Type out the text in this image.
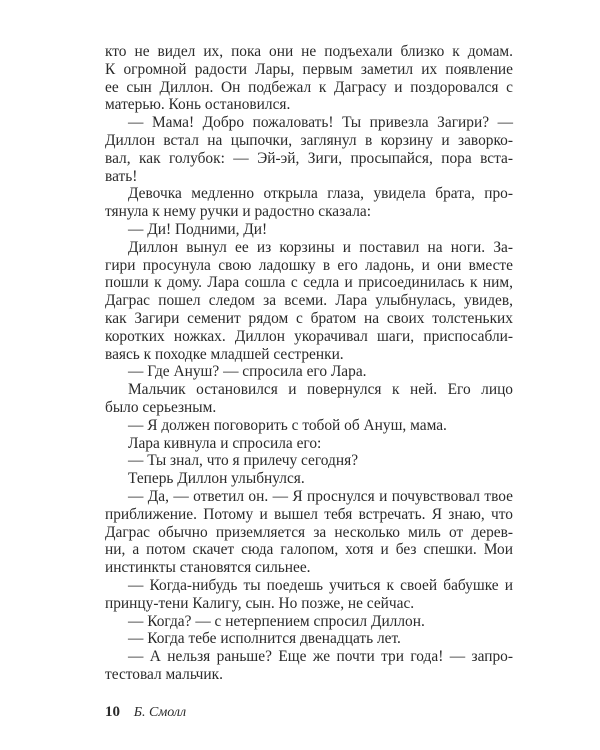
кто не видел их, пока они не подъехали близко к домам.
К огромной радости Лары, первым заметил их появление
ее сын Диллон. Он подбежал к Даграсу и поздоровался с
матерью. Конь остановился.
— Мама! Добро пожаловать! Ты привезла Загири? —
Диллон встал на цыпочки, заглянул в корзину и заворко-
вал, как голубок: — Эй-эй, Зиги, просыпайся, пора вста-
вать!
Девочка медленно открыла глаза, увидела брата, про-
тянула к нему ручки и радостно сказала:
— Ди! Подними, Ди!
Диллон вынул ее из корзины и поставил на ноги. За-
гири просунула свою ладошку в его ладонь, и они вместе
пошли к дому. Лара сошла с седла и присоединилась к ним,
Даграс пошел следом за всеми. Лара улыбнулась, увидев,
как Загири семенит рядом с братом на своих толстеньких
коротких ножках. Диллон укорачивал шаги, приспосабли-
ваясь к походке младшей сестренки.
— Где Ануш? — спросила его Лара.
Мальчик остановился и повернулся к ней. Его лицо
было серьезным.
— Я должен поговорить с тобой об Ануш, мама.
Лара кивнула и спросила его:
— Ты знал, что я прилечу сегодня?
Теперь Диллон улыбнулся.
— Да, — ответил он. — Я проснулся и почувствовал твое
приближение. Потому и вышел тебя встречать. Я знаю, что
Даграс обычно приземляется за несколько миль от дерев-
ни, а потом скачет сюда галопом, хотя и без спешки. Мои
инстинкты становятся сильнее.
— Когда-нибудь ты поедешь учиться к своей бабушке и
принцу-тени Калигу, сын. Но позже, не сейчас.
— Когда? — с нетерпением спросил Диллон.
— Когда тебе исполнится двенадцать лет.
— А нельзя раньше? Еще же почти три года! — запро-
тестовал мальчик.
10 Б. Смолл
